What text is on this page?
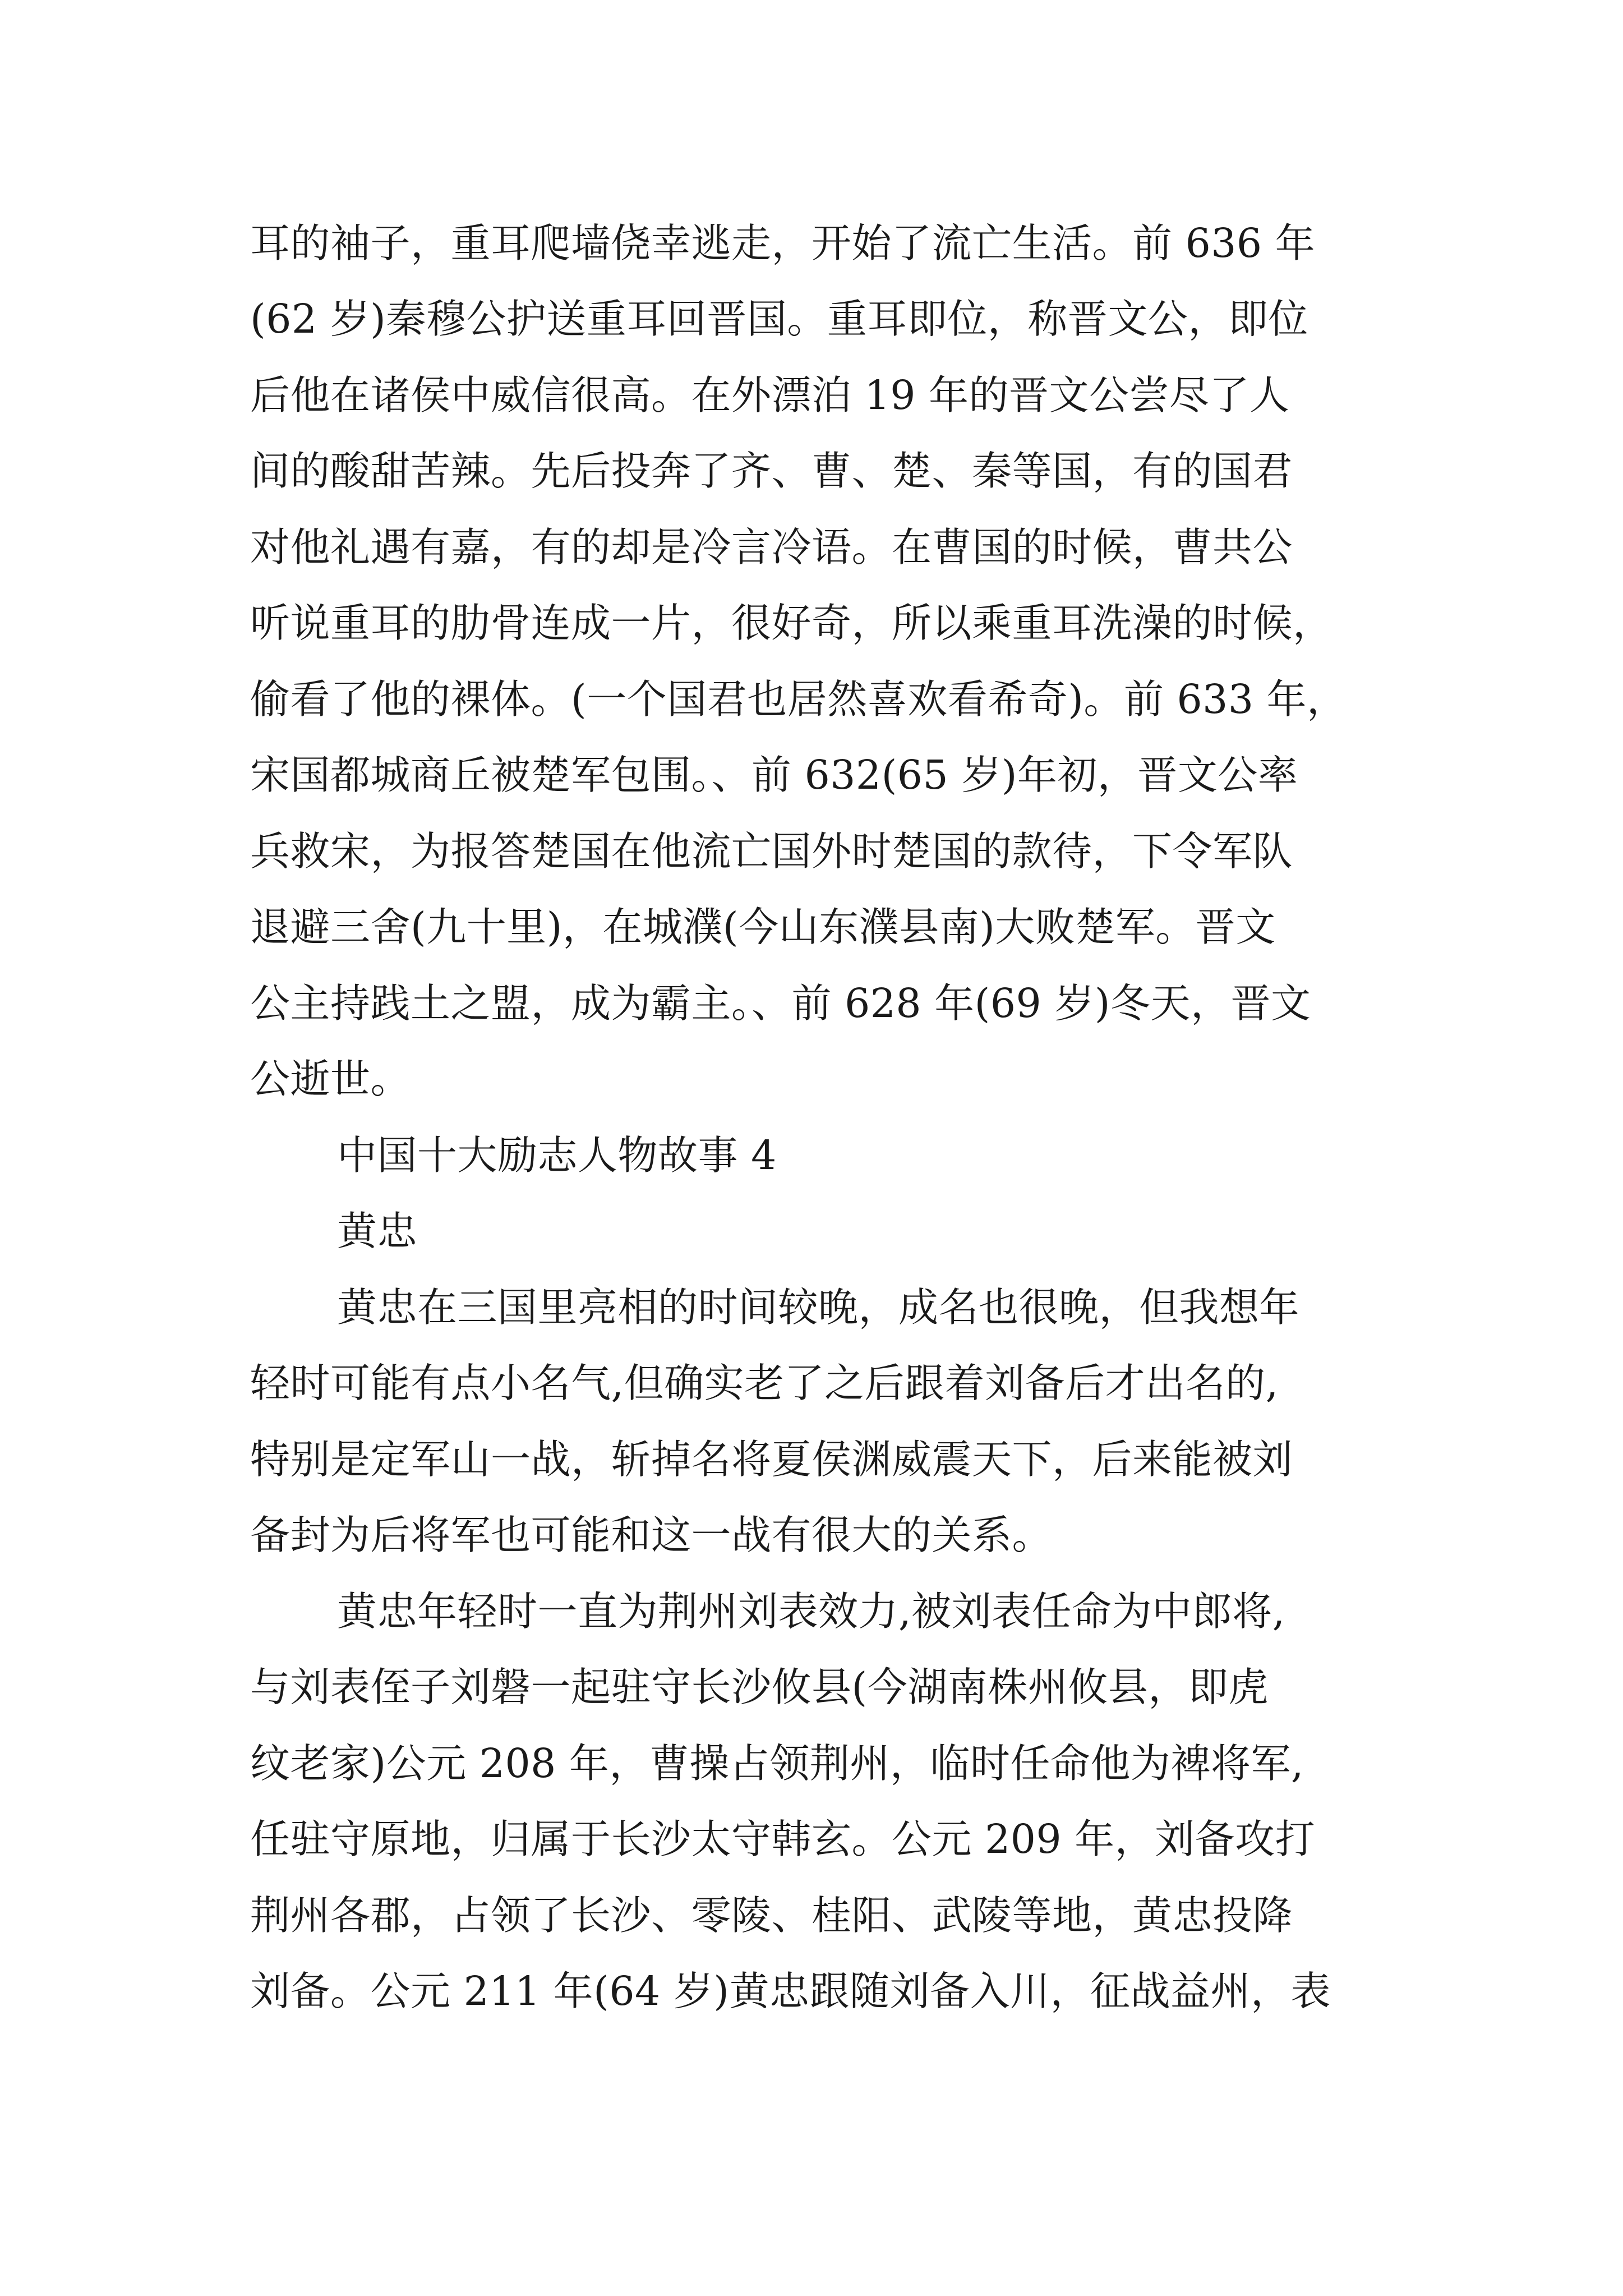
耳的袖子，重耳爬墙侥幸逃走，开始了流亡生活。前 636 年

(62 岁)秦穆公护送重耳回晋国。重耳即位，称晋文公，即位

后他在诸侯中威信很高。在外漂泊 19 年的晋文公尝尽了人

间的酸甜苦辣。先后投奔了齐、曹、楚、秦等国，有的国君

对他礼遇有嘉，有的却是冷言冷语。在曹国的时候，曹共公

听说重耳的肋骨连成一片，很好奇，所以乘重耳洗澡的时候，

偷看了他的裸体。(一个国君也居然喜欢看希奇)。前 633 年，

宋国都城商丘被楚军包围。、前 632(65 岁)年初，晋文公率

兵救宋，为报答楚国在他流亡国外时楚国的款待，下令军队

退避三舍(九十里)，在城濮(今山东濮县南)大败楚军。晋文

公主持践土之盟，成为霸主。、前 628 年(69 岁)冬天，晋文

公逝世。

中国十大励志人物故事 4

黄忠

黄忠在三国里亮相的时间较晚，成名也很晚，但我想年

轻时可能有点小名气,但确实老了之后跟着刘备后才出名的,

特别是定军山一战，斩掉名将夏侯渊威震天下，后来能被刘

备封为后将军也可能和这一战有很大的关系。

黄忠年轻时一直为荆州刘表效力,被刘表任命为中郎将,

与刘表侄子刘磐一起驻守长沙攸县(今湖南株州攸县，即虎

纹老家)公元 208 年，曹操占领荆州，临时任命他为裨将军,

任驻守原地，归属于长沙太守韩玄。公元 209 年，刘备攻打

荆州各郡，占领了长沙、零陵、桂阳、武陵等地，黄忠投降

刘备。公元 211 年(64 岁)黄忠跟随刘备入川，征战益州，表
